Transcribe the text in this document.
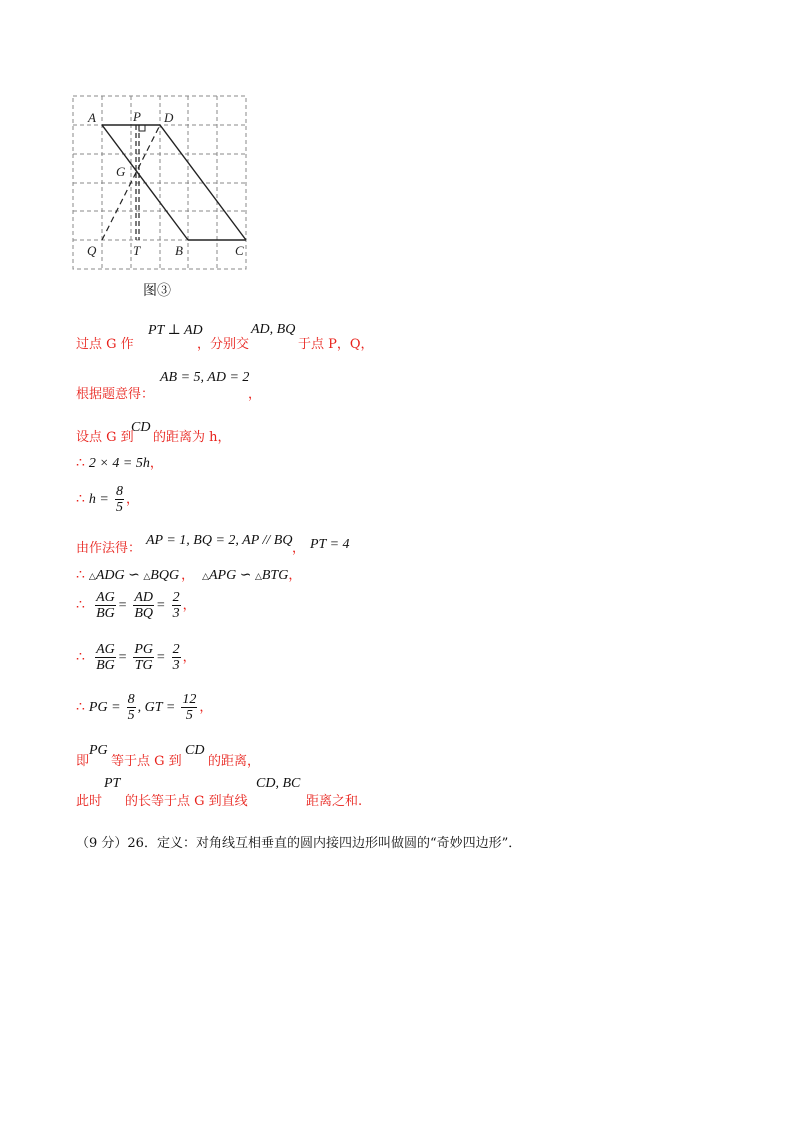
A	P D
G
Q	T	B	C
图③
过点 G 作
PT ⊥ AD
，分别交
AD, BQ
于点 P，Q，
根据题意得：
AB = 5, AD = 2
，
设点 G 到
CD
的距离为 h，
∴ 2 × 4 = 5h，
∴ $h = \frac{8}{5}$ ，
由作法得：
AP = 1, BQ = 2, AP // BQ
， PT = 4
∴ △ADG ∽ △BQG ， △APG ∽ △BTG，
∴ $\frac{AG}{BG} = \frac{AD}{BQ} = \frac{2}{3}$ ，
∴ $\frac{AG}{BG} = \frac{PG}{TG} = \frac{2}{3}$ ，
∴ PG = $\frac{8}{5}$ , GT = $\frac{12}{5}$ ，
即
PG
等于点 G 到
CD
的距离，
此时
PT
的长等于点 G 到直线
CD, BC
距离之和.
（9 分）26．定义：对角线互相垂直的圆内接四边形叫做圆的“奇妙四边形”．
